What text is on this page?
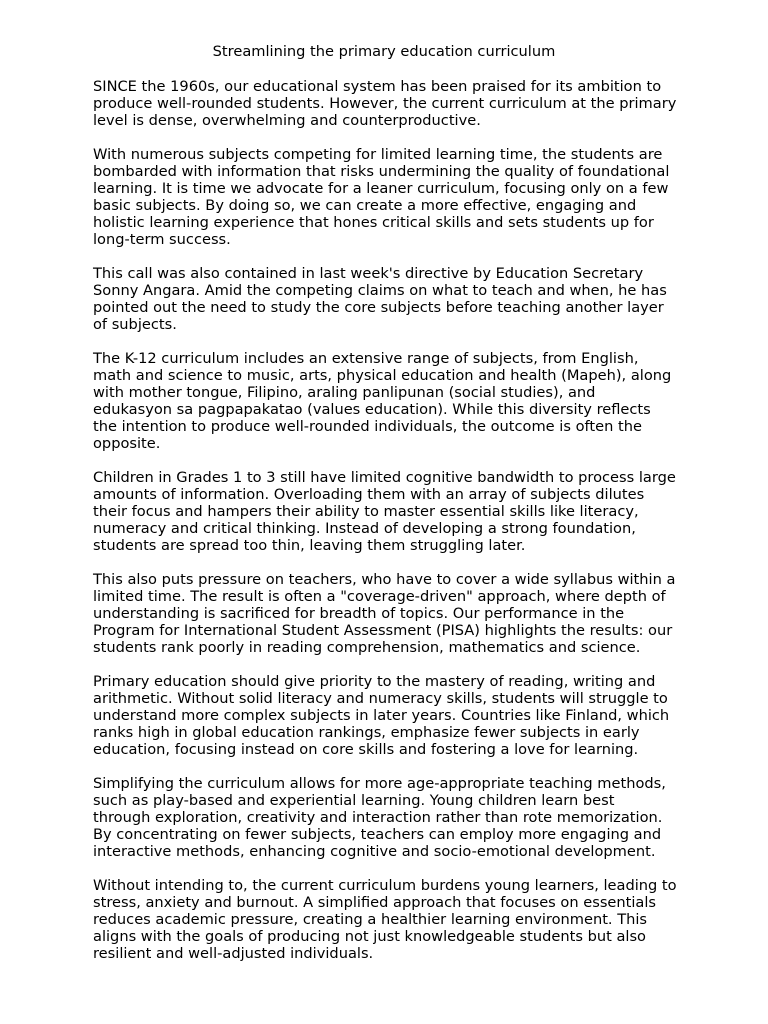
Streamlining the primary education curriculum

SINCE the 1960s, our educational system has been praised for its ambition to
produce well-rounded students. However, the current curriculum at the primary
level is dense, overwhelming and counterproductive.

With numerous subjects competing for limited learning time, the students are
bombarded with information that risks undermining the quality of foundational
learning. It is time we advocate for a leaner curriculum, focusing only on a few
basic subjects. By doing so, we can create a more effective, engaging and
holistic learning experience that hones critical skills and sets students up for
long-term success.

This call was also contained in last week's directive by Education Secretary
Sonny Angara. Amid the competing claims on what to teach and when, he has
pointed out the need to study the core subjects before teaching another layer
of subjects.

The K-12 curriculum includes an extensive range of subjects, from English,
math and science to music, arts, physical education and health (Mapeh), along
with mother tongue, Filipino, araling panlipunan (social studies), and
edukasyon sa pagpapakatao (values education). While this diversity reflects
the intention to produce well-rounded individuals, the outcome is often the
opposite.

Children in Grades 1 to 3 still have limited cognitive bandwidth to process large
amounts of information. Overloading them with an array of subjects dilutes
their focus and hampers their ability to master essential skills like literacy,
numeracy and critical thinking. Instead of developing a strong foundation,
students are spread too thin, leaving them struggling later.

This also puts pressure on teachers, who have to cover a wide syllabus within a
limited time. The result is often a "coverage-driven" approach, where depth of
understanding is sacrificed for breadth of topics. Our performance in the
Program for International Student Assessment (PISA) highlights the results: our
students rank poorly in reading comprehension, mathematics and science.

Primary education should give priority to the mastery of reading, writing and
arithmetic. Without solid literacy and numeracy skills, students will struggle to
understand more complex subjects in later years. Countries like Finland, which
ranks high in global education rankings, emphasize fewer subjects in early
education, focusing instead on core skills and fostering a love for learning.

Simplifying the curriculum allows for more age-appropriate teaching methods,
such as play-based and experiential learning. Young children learn best
through exploration, creativity and interaction rather than rote memorization.
By concentrating on fewer subjects, teachers can employ more engaging and
interactive methods, enhancing cognitive and socio-emotional development.

Without intending to, the current curriculum burdens young learners, leading to
stress, anxiety and burnout. A simplified approach that focuses on essentials
reduces academic pressure, creating a healthier learning environment. This
aligns with the goals of producing not just knowledgeable students but also
resilient and well-adjusted individuals.
